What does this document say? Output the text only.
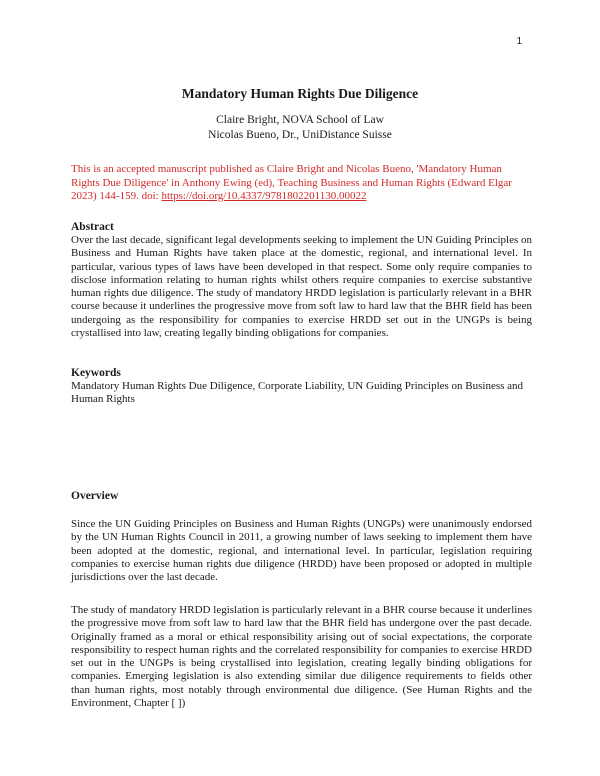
1
Mandatory Human Rights Due Diligence
Claire Bright, NOVA School of Law
Nicolas Bueno, Dr., UniDistance Suisse
This is an accepted manuscript published as Claire Bright and Nicolas Bueno, 'Mandatory Human Rights Due Diligence' in Anthony Ewing (ed), Teaching Business and Human Rights (Edward Elgar 2023) 144-159. doi: https://doi.org/10.4337/9781802201130.00022
Abstract

Over the last decade, significant legal developments seeking to implement the UN Guiding Principles on Business and Human Rights have taken place at the domestic, regional, and international level. In particular, various types of laws have been developed in that respect. Some only require companies to disclose information relating to human rights whilst others require companies to exercise substantive human rights due diligence. The study of mandatory HRDD legislation is particularly relevant in a BHR course because it underlines the progressive move from soft law to hard law that the BHR field has been undergoing as the responsibility for companies to exercise HRDD set out in the UNGPs is being crystallised into law, creating legally binding obligations for companies.

Keywords

Mandatory Human Rights Due Diligence, Corporate Liability, UN Guiding Principles on Business and Human Rights

Overview

Since the UN Guiding Principles on Business and Human Rights (UNGPs) were unanimously endorsed by the UN Human Rights Council in 2011, a growing number of laws seeking to implement them have been adopted at the domestic, regional, and international level. In particular, legislation requiring companies to exercise human rights due diligence (HRDD) have been proposed or adopted in multiple jurisdictions over the last decade.

The study of mandatory HRDD legislation is particularly relevant in a BHR course because it underlines the progressive move from soft law to hard law that the BHR field has undergone over the past decade. Originally framed as a moral or ethical responsibility arising out of social expectations, the corporate responsibility to respect human rights and the correlated responsibility for companies to exercise HRDD set out in the UNGPs is being crystallised into legislation, creating legally binding obligations for companies. Emerging legislation is also extending similar due diligence requirements to fields other than human rights, most notably through environmental due diligence. (See Human Rights and the Environment, Chapter [ ])
